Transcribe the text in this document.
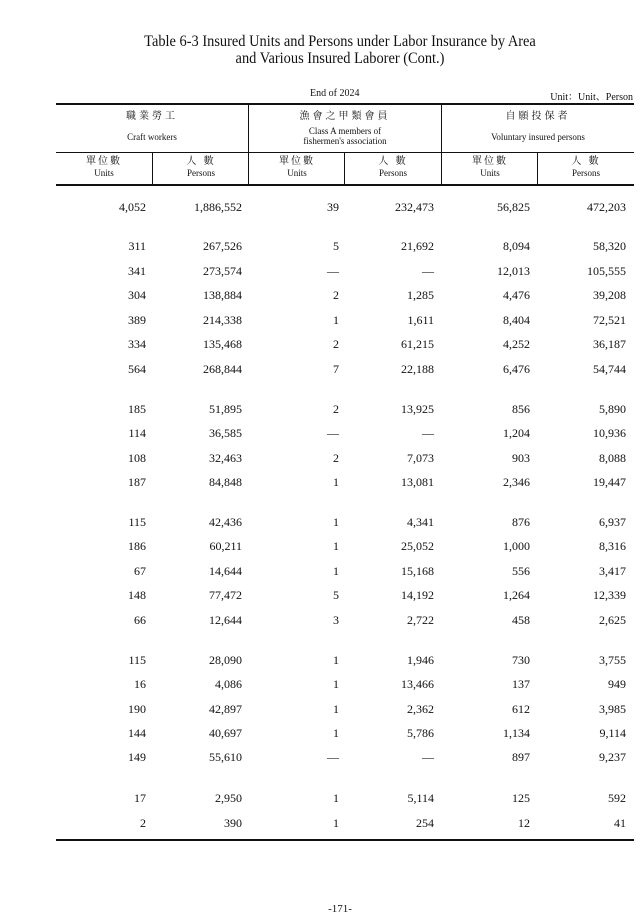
Table 6-3 Insured Units and Persons under Labor Insurance by Area
and Various Insured Laborer (Cont.)
End of 2024	Unit：Unit、Person
職業勞工
Craft workers
漁會之甲類會員
Class A members of
fishermen's association
自願投保者
Voluntary insured persons
單位數
Units
人 數
Persons
單位數
Units
人 數
Persons
單位數
Units
人 數
Persons
4,052	1,886,552	39	232,473	56,825	472,203
311	267,526	5	21,692	8,094	58,320
341	273,574	—	—	12,013	105,555
304	138,884	2	1,285	4,476	39,208
389	214,338	1	1,611	8,404	72,521
334	135,468	2	61,215	4,252	36,187
564	268,844	7	22,188	6,476	54,744
185	51,895	2	13,925	856	5,890
114	36,585	—	—	1,204	10,936
108	32,463	2	7,073	903	8,088
187	84,848	1	13,081	2,346	19,447
115	42,436	1	4,341	876	6,937
186	60,211	1	25,052	1,000	8,316
67	14,644	1	15,168	556	3,417
148	77,472	5	14,192	1,264	12,339
66	12,644	3	2,722	458	2,625
115	28,090	1	1,946	730	3,755
16	4,086	1	13,466	137	949
190	42,897	1	2,362	612	3,985
144	40,697	1	5,786	1,134	9,114
149	55,610	—	—	897	9,237
17	2,950	1	5,114	125	592
2	390	1	254	12	41
-171-
